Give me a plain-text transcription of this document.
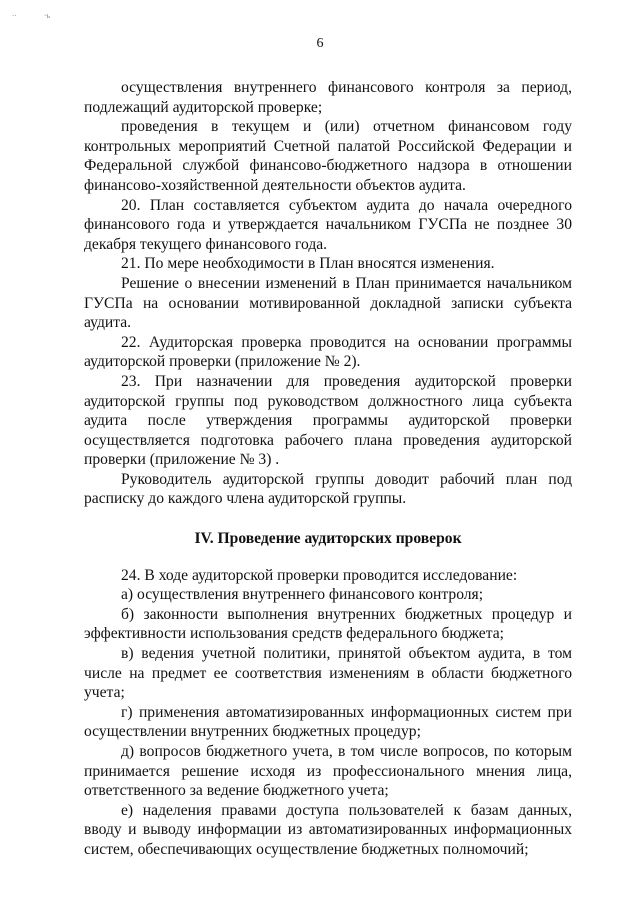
··	·ъ
6

осуществления внутреннего финансового контроля за период, подлежащий аудиторской проверке;

проведения в текущем и (или) отчетном финансовом году контрольных мероприятий Счетной палатой Российской Федерации и Федеральной службой финансово-бюджетного надзора в отношении финансово-хозяйственной деятельности объектов аудита.

20. План составляется субъектом аудита до начала очередного финансового года и утверждается начальником ГУСПа не позднее 30 декабря текущего финансового года.

21. По мере необходимости в План вносятся изменения.

Решение о внесении изменений в План принимается начальником ГУСПа на основании мотивированной докладной записки субъекта аудита.

22. Аудиторская проверка проводится на основании программы аудиторской проверки (приложение № 2).

23. При назначении для проведения аудиторской проверки аудиторской группы под руководством должностного лица субъекта аудита после утверждения программы аудиторской проверки осуществляется подготовка рабочего плана проведения аудиторской проверки (приложение № 3) .

Руководитель аудиторской группы доводит рабочий план под расписку до каждого члена аудиторской группы.

IV. Проведение аудиторских проверок

24. В ходе аудиторской проверки проводится исследование:

а) осуществления внутреннего финансового контроля;

б) законности выполнения внутренних бюджетных процедур и эффективности использования средств федерального бюджета;

в) ведения учетной политики, принятой объектом аудита, в том числе на предмет ее соответствия изменениям в области бюджетного учета;

г) применения автоматизированных информационных систем при осуществлении внутренних бюджетных процедур;

д) вопросов бюджетного учета, в том числе вопросов, по которым принимается решение исходя из профессионального мнения лица, ответственного за ведение бюджетного учета;

е) наделения правами доступа пользователей к базам данных, вводу и выводу информации из автоматизированных информационных систем, обеспечивающих осуществление бюджетных полномочий;
